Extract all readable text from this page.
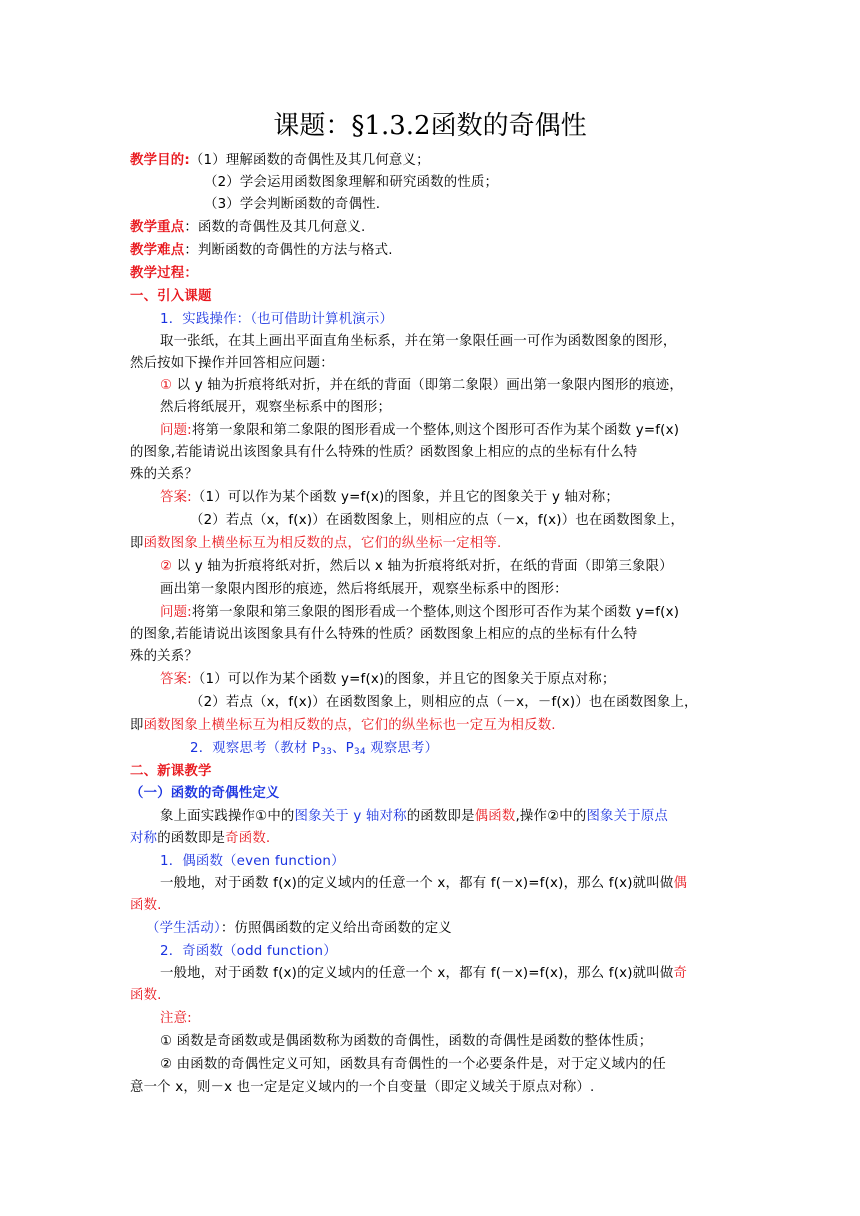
课题：§1.3.2函数的奇偶性
教学目的:（1）理解函数的奇偶性及其几何意义；
（2）学会运用函数图象理解和研究函数的性质；
（3）学会判断函数的奇偶性.
教学重点：函数的奇偶性及其几何意义.
教学难点：判断函数的奇偶性的方法与格式.
教学过程：
一、引入课题
1．实践操作：（也可借助计算机演示）
取一张纸，在其上画出平面直角坐标系，并在第一象限任画一可作为函数图象的图形，
然后按如下操作并回答相应问题：
① 以 y 轴为折痕将纸对折，并在纸的背面（即第二象限）画出第一象限内图形的痕迹，
然后将纸展开，观察坐标系中的图形；
问题:将第一象限和第二象限的图形看成一个整体,则这个图形可否作为某个函数 y=f(x)
的图象,若能请说出该图象具有什么特殊的性质？函数图象上相应的点的坐标有什么特
殊的关系？
答案:（1）可以作为某个函数 y=f(x)的图象，并且它的图象关于 y 轴对称；
（2）若点（x，f(x)）在函数图象上，则相应的点（－x，f(x)）也在函数图象上，
即函数图象上横坐标互为相反数的点，它们的纵坐标一定相等.
② 以 y 轴为折痕将纸对折，然后以 x 轴为折痕将纸对折，在纸的背面（即第三象限）
画出第一象限内图形的痕迹，然后将纸展开，观察坐标系中的图形：
问题:将第一象限和第三象限的图形看成一个整体,则这个图形可否作为某个函数 y=f(x)
的图象,若能请说出该图象具有什么特殊的性质？函数图象上相应的点的坐标有什么特
殊的关系？
答案:（1）可以作为某个函数 y=f(x)的图象，并且它的图象关于原点对称；
（2）若点（x，f(x)）在函数图象上，则相应的点（－x，－f(x)）也在函数图象上，
即函数图象上横坐标互为相反数的点，它们的纵坐标也一定互为相反数.
2．观察思考（教材 $P_{33}$、$P_{34}$ 观察思考）
二、新课教学
（一）函数的奇偶性定义
象上面实践操作①中的图象关于 y 轴对称的函数即是偶函数,操作②中的图象关于原点
对称的函数即是奇函数.
1．偶函数（even function）
一般地，对于函数 f(x)的定义域内的任意一个 x，都有 f(－x)=f(x)，那么 f(x)就叫做偶
函数.
（学生活动）：仿照偶函数的定义给出奇函数的定义
2．奇函数（odd function）
一般地，对于函数 f(x)的定义域内的任意一个 x，都有 f(－x)=f(x)，那么 f(x)就叫做奇
函数.
注意:
① 函数是奇函数或是偶函数称为函数的奇偶性，函数的奇偶性是函数的整体性质；
② 由函数的奇偶性定义可知，函数具有奇偶性的一个必要条件是，对于定义域内的任
意一个 x，则－x 也一定是定义域内的一个自变量（即定义域关于原点对称）.
